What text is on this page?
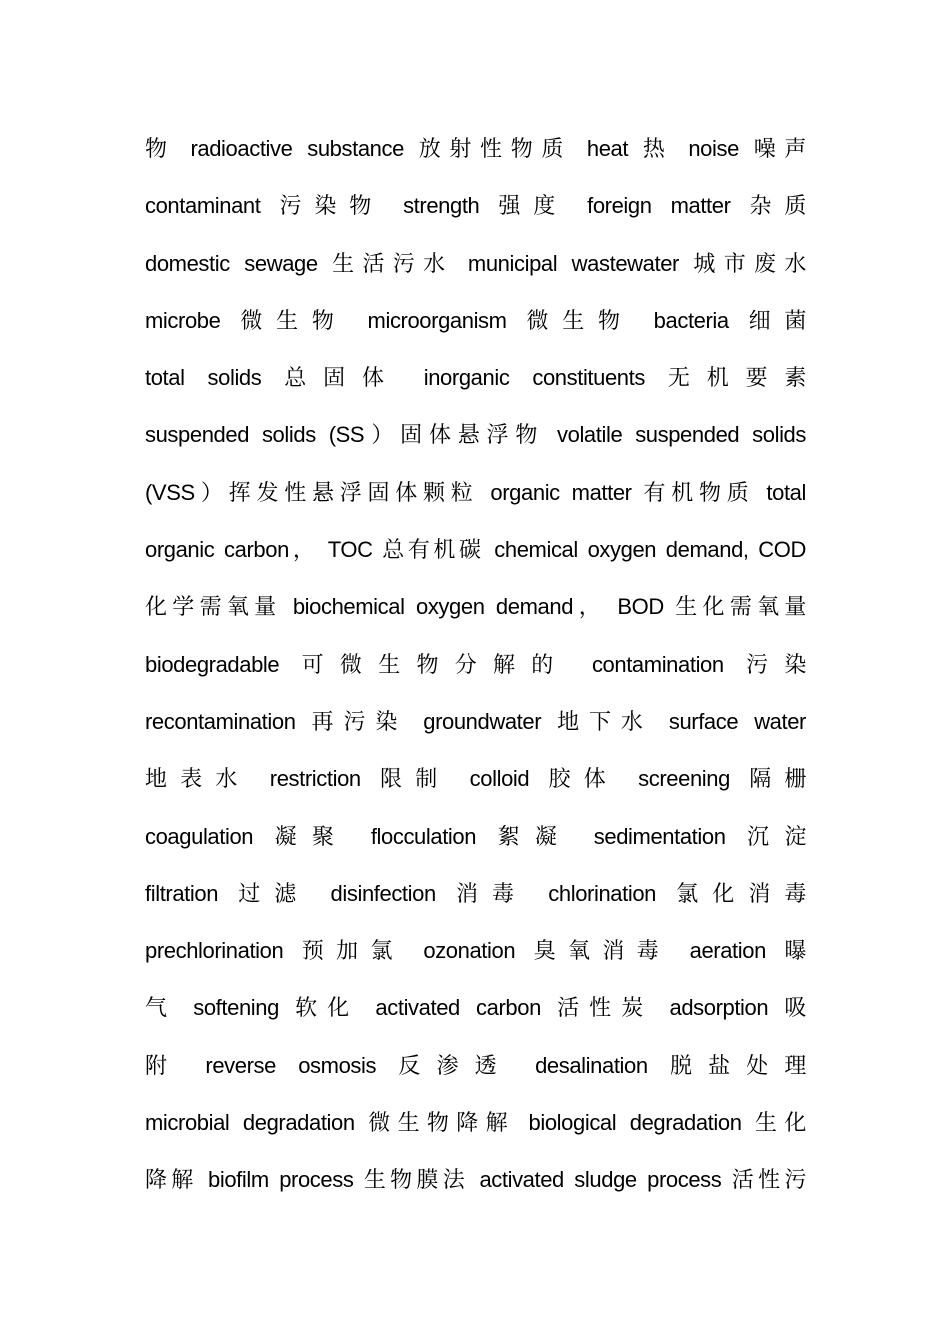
物 radioactive substance 放射性物质 heat 热 noise 噪声
contaminant 污染物 strength 强度 foreign matter 杂质
domestic sewage 生活污水 municipal wastewater 城市废水
microbe 微生物 microorganism 微生物 bacteria 细菌
total solids 总固体 inorganic constituents 无机要素
suspended solids (SS）固体悬浮物 volatile suspended solids
(VSS）挥发性悬浮固体颗粒 organic matter 有机物质 total
organic carbon， TOC 总有机碳 chemical oxygen demand, COD
化学需氧量 biochemical oxygen demand， BOD 生化需氧量
biodegradable 可微生物分解的 contamination 污染
recontamination 再污染 groundwater 地下水 surface water
地表水 restriction 限制 colloid 胶体 screening 隔栅
coagulation 凝聚 flocculation 絮凝 sedimentation 沉淀
filtration 过滤 disinfection 消毒 chlorination 氯化消毒
prechlorination 预加氯 ozonation 臭氧消毒 aeration 曝
气 softening 软化 activated carbon 活性炭 adsorption 吸
附 reverse osmosis 反渗透 desalination 脱盐处理
microbial degradation 微生物降解 biological degradation 生化
降解 biofilm process 生物膜法 activated sludge process 活性污
